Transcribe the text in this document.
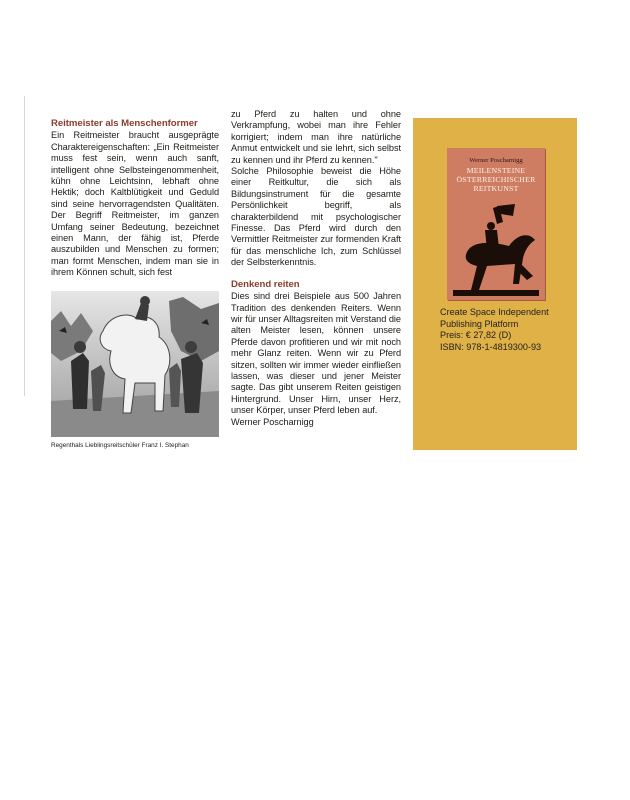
Reitmeister als Menschenformer

Ein Reitmeister braucht ausgeprägte Charaktereigenschaften: „Ein Reitmeister muss fest sein, wenn auch sanft, intelligent ohne Selbsteingenommenheit, kühn ohne Leichtsinn, lebhaft ohne Hektik; doch Kaltblütigkeit und Geduld sind seine hervorragendsten Qualitäten. Der Begriff Reitmeister, im ganzen Umfang seiner Bedeutung, bezeichnet einen Mann, der fähig ist, Pferde auszubilden und Menschen zu formen; man formt Menschen, indem man sie in ihrem Können schult, sich fest

Regenthals Lieblingsreitschüler Franz I. Stephan

zu Pferd zu halten und ohne Verkrampfung, wobei man ihre Fehler korrigiert; indem man ihre natürliche Anmut entwickelt und sie lehrt, sich selbst zu kennen und ihr Pferd zu kennen."

Solche Philosophie beweist die Höhe einer Reitkultur, die sich als Bildungsinstrument für die gesamte Persönlichkeit begriff, als charakterbildend mit psychologischer Finesse. Das Pferd wird durch den Vermittler Reitmeister zur formenden Kraft für das menschliche Ich, zum Schlüssel der Selbsterkenntnis.

Denkend reiten

Dies sind drei Beispiele aus 500 Jahren Tradition des denkenden Reiters. Wenn wir für unser Alltagsreiten mit Verstand die alten Meister lesen, können unsere Pferde davon profitieren und wir mit noch mehr Glanz reiten. Wenn wir zu Pferd sitzen, sollten wir immer wieder einfließen lassen, was dieser und jener Meister sagte. Das gibt unserem Reiten geistigen Hintergrund. Unser Hirn, unser Herz, unser Körper, unser Pferd leben auf.

Werner Poscharnigg

Werner Poscharnigg
MEILENSTEINE
ÖSTERREICHISCHER
REITKUNST
Create Space Independent
Publishing Platform
Preis: € 27,82 (D)
ISBN: 978-1-4819300-93
